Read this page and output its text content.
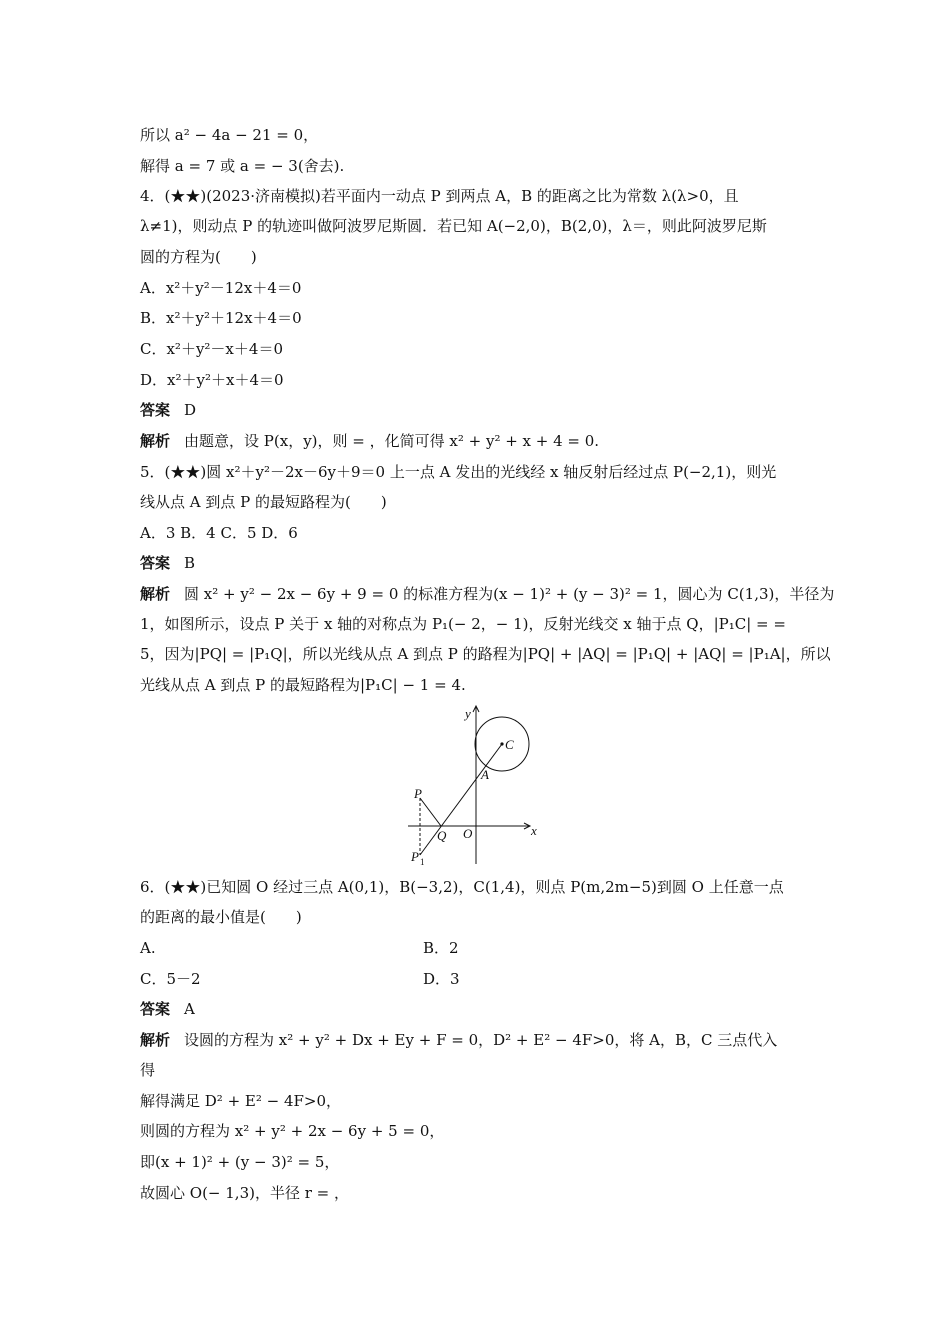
所以 a² − 4a − 21 = 0，
解得 a = 7 或 a = − 3(舍去).
4．(★★)(2023·济南模拟)若平面内一动点 P 到两点 A，B 的距离之比为常数 λ(λ>0，且
λ≠1)，则动点 P 的轨迹叫做阿波罗尼斯圆．若已知 A(−2,0)，B(2,0)，λ＝，则此阿波罗尼斯
圆的方程为(　　)
A．x²＋y²－12x＋4＝0
B．x²＋y²＋12x＋4＝0
C．x²＋y²－x＋4＝0
D．x²＋y²＋x＋4＝0
答案 D
解析 由题意，设 P(x，y)，则 = ，化简可得 x² + y² + x + 4 = 0.
5．(★★)圆 x²＋y²－2x－6y＋9＝0 上一点 A 发出的光线经 x 轴反射后经过点 P(−2,1)，则光
线从点 A 到点 P 的最短路程为(　　)
A．3 B．4 C．5 D．6
答案 B
解析 圆 x² + y² − 2x − 6y + 9 = 0 的标准方程为(x − 1)² + (y − 3)² = 1，圆心为 C(1,3)，半径为
1，如图所示，设点 P 关于 x 轴的对称点为 P₁(− 2，− 1)，反射光线交 x 轴于点 Q，|P₁C| = =
5，因为|PQ| = |P₁Q|，所以光线从点 A 到点 P 的路程为|PQ| + |AQ| = |P₁Q| + |AQ| = |P₁A|，所以
光线从点 A 到点 P 的最短路程为|P₁C| − 1 = 4.
y
x
C
A
P
Q O
P 1
6．(★★)已知圆 O 经过三点 A(0,1)，B(−3,2)，C(1,4)，则点 P(m,2m−5)到圆 O 上任意一点
的距离的最小值是(　　)
A.	B．2
C．5－2	D．3
答案 A
解析 设圆的方程为 x² + y² + Dx + Ey + F = 0，D² + E² − 4F>0，将 A，B，C 三点代入
得
解得满足 D² + E² − 4F>0，
则圆的方程为 x² + y² + 2x − 6y + 5 = 0，
即(x + 1)² + (y − 3)² = 5，
故圆心 O(− 1,3)，半径 r = ，
